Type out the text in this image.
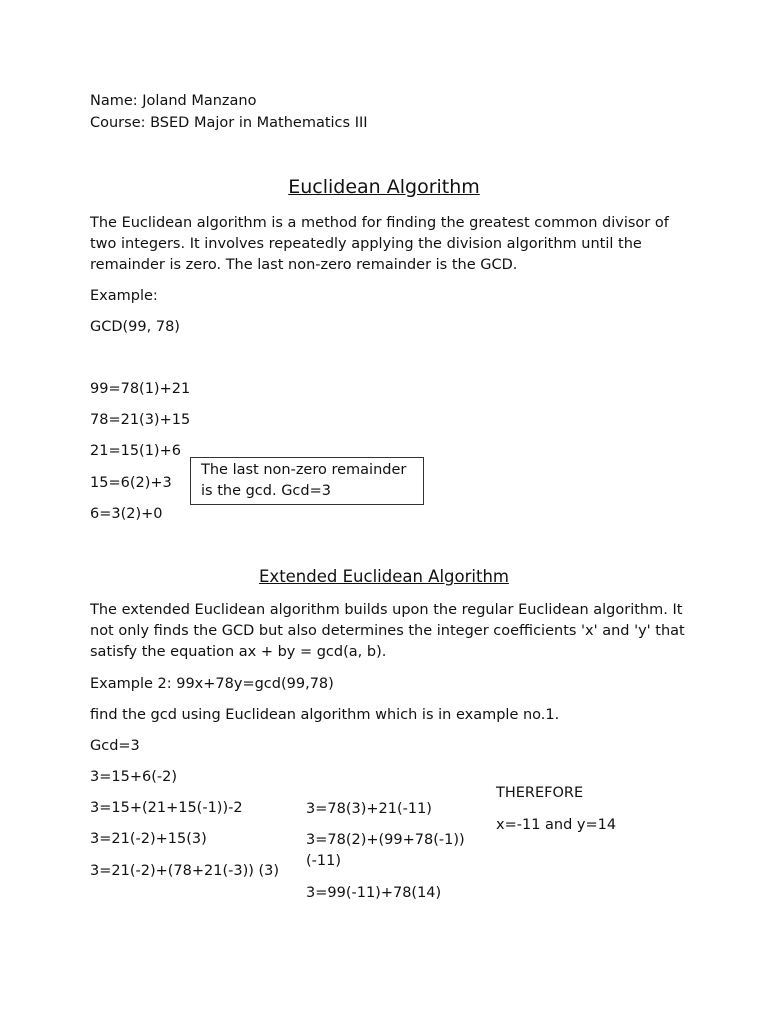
Name: Joland Manzano
Course: BSED Major in Mathematics III
Euclidean Algorithm
The Euclidean algorithm is a method for finding the greatest common divisor of two integers. It involves repeatedly applying the division algorithm until the remainder is zero. The last non-zero remainder is the GCD.
Example:
GCD(99, 78)
99=78(1)+21
78=21(3)+15
21=15(1)+6
15=6(2)+3
6=3(2)+0
The last non-zero remainder is the gcd. Gcd=3
Extended Euclidean Algorithm
The extended Euclidean algorithm builds upon the regular Euclidean algorithm. It not only finds the GCD but also determines the integer coefficients 'x' and 'y' that satisfy the equation ax + by = gcd(a, b).
Example 2: 99x+78y=gcd(99,78)
find the gcd using Euclidean algorithm which is in example no.1.
Gcd=3
3=15+6(-2)
3=15+(21+15(-1))-2
3=21(-2)+15(3)
3=21(-2)+(78+21(-3)) (3)
3=78(3)+21(-11)
3=78(2)+(99+78(-1))
(-11)
3=99(-11)+78(14)
THEREFORE
x=-11 and y=14
